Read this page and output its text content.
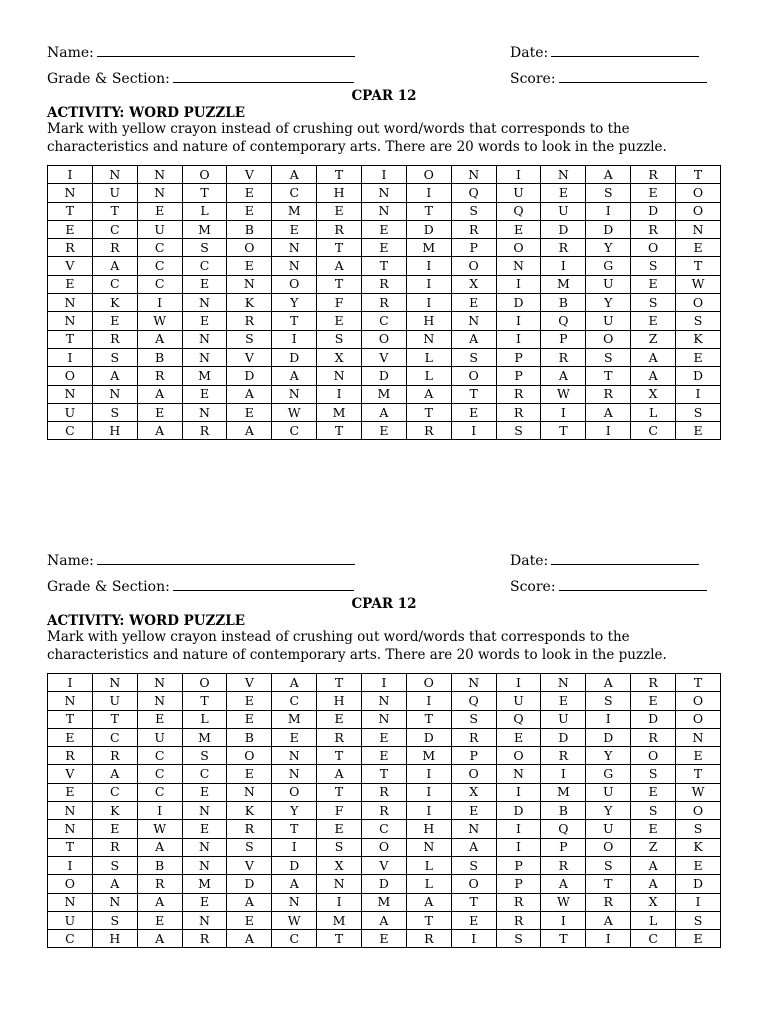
Name:	Date:
Grade & Section:	Score:
CPAR 12
ACTIVITY: WORD PUZZLE
Mark with yellow crayon instead of crushing out word/words that corresponds to the characteristics and nature of contemporary arts. There are 20 words to look in the puzzle.
I	N	N	O	V	A	T	I	O	N	I	N	A	R	T
N	U	N	T	E	C	H	N	I	Q	U	E	S	E	O
T	T	E	L	E	M	E	N	T	S	Q	U	I	D	O
E	C	U	M	B	E	R	E	D	R	E	D	D	R	N
R	R	C	S	O	N	T	E	M	P	O	R	Y	O	E
V	A	C	C	E	N	A	T	I	O	N	I	G	S	T
E	C	C	E	N	O	T	R	I	X	I	M	U	E	W
N	K	I	N	K	Y	F	R	I	E	D	B	Y	S	O
N	E	W	E	R	T	E	C	H	N	I	Q	U	E	S
T	R	A	N	S	I	S	O	N	A	I	P	O	Z	K
I	S	B	N	V	D	X	V	L	S	P	R	S	A	E
O	A	R	M	D	A	N	D	L	O	P	A	T	A	D
N	N	A	E	A	N	I	M	A	T	R	W	R	X	I
U	S	E	N	E	W	M	A	T	E	R	I	A	L	S
C	H	A	R	A	C	T	E	R	I	S	T	I	C	E
Name:	Date:
Grade & Section:	Score:
CPAR 12
ACTIVITY: WORD PUZZLE
Mark with yellow crayon instead of crushing out word/words that corresponds to the characteristics and nature of contemporary arts. There are 20 words to look in the puzzle.
I	N	N	O	V	A	T	I	O	N	I	N	A	R	T
N	U	N	T	E	C	H	N	I	Q	U	E	S	E	O
T	T	E	L	E	M	E	N	T	S	Q	U	I	D	O
E	C	U	M	B	E	R	E	D	R	E	D	D	R	N
R	R	C	S	O	N	T	E	M	P	O	R	Y	O	E
V	A	C	C	E	N	A	T	I	O	N	I	G	S	T
E	C	C	E	N	O	T	R	I	X	I	M	U	E	W
N	K	I	N	K	Y	F	R	I	E	D	B	Y	S	O
N	E	W	E	R	T	E	C	H	N	I	Q	U	E	S
T	R	A	N	S	I	S	O	N	A	I	P	O	Z	K
I	S	B	N	V	D	X	V	L	S	P	R	S	A	E
O	A	R	M	D	A	N	D	L	O	P	A	T	A	D
N	N	A	E	A	N	I	M	A	T	R	W	R	X	I
U	S	E	N	E	W	M	A	T	E	R	I	A	L	S
C	H	A	R	A	C	T	E	R	I	S	T	I	C	E
